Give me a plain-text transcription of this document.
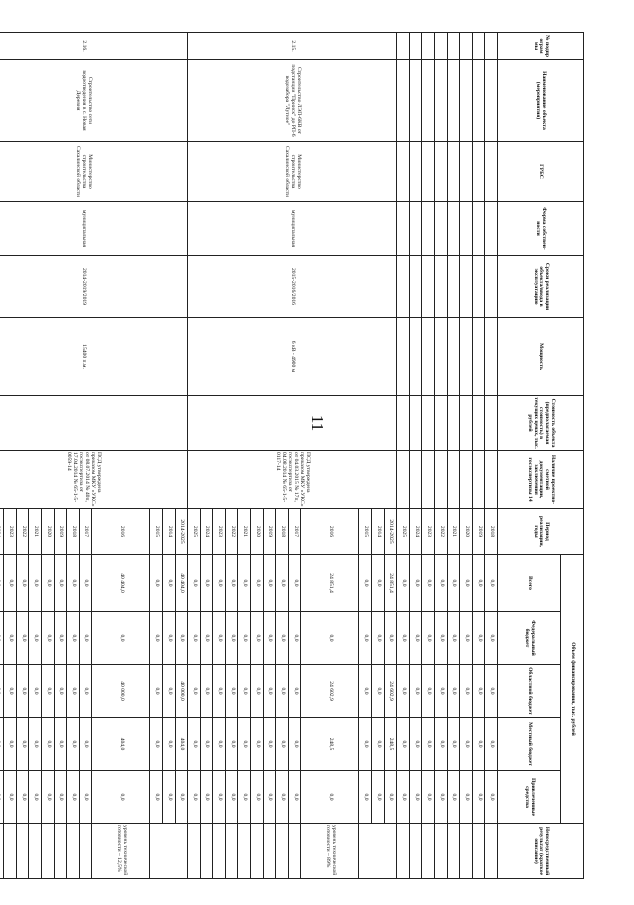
11
№ подпр ограм мы	Наименование объекта (мероприятия)	ГРБС	Форма собствен-ности	Сроки реализации объекта/ввода в эксплуатацию	Мощность	Стоимость объекта (предполагаемая стоимость) в текущих ценах, тыс. рублей	Наличие проектно-сметной документации, заключения госэкспертизы 14	Период реализации, годы	Объем финансирования, тыс. рублей					Непосредственный результат (краткое описание)
									Всего	Федеральный бюджет	Областной бюджет	Местный бюджет	Привлеченные средства	
								2018	0,0	0,0	0,0	0,0	0,0	
								2019	0,0	0,0	0,0	0,0	0,0	
								2020	0,0	0,0	0,0	0,0	0,0	
								2021	0,0	0,0	0,0	0,0	0,0	
								2022	0,0	0,0	0,0	0,0	0,0	
								2023	0,0	0,0	0,0	0,0	0,0	
								2024	0,0	0,0	0,0	0,0	0,0	
								2025	0,0	0,0	0,0	0,0	0,0	
2.15.	Строительство ЛЭП-6КВ от подстанции "Прииск" до РП-6 водозабора "Лутное"	Министерство строительства Сахалинской области	муниципальная	2015-2016/2016	6 кВ - 4900 м		ПСД утверждена приказом МКУ «УКС» от 04.03.2015 № 17п, госэкспертиза от 04.08.2014 № 65-1-5-0117-14	2014-2025	24 851,4	0,0	24 602,9	248,5	0,0	
								2014	0,0	0,0	0,0	0,0	0,0	
								2015	0,0	0,0	0,0	0,0	0,0	
								2016	24 851,4	0,0	24 602,9	248,5	0,0	уровень технической готовности – 89%
								2017	0,0	0,0	0,0	0,0	0,0	
								2018	0,0	0,0	0,0	0,0	0,0	
								2019	0,0	0,0	0,0	0,0	0,0	
								2020	0,0	0,0	0,0	0,0	0,0	
								2021	0,0	0,0	0,0	0,0	0,0	
								2022	0,0	0,0	0,0	0,0	0,0	
								2023	0,0	0,0	0,0	0,0	0,0	
								2024	0,0	0,0	0,0	0,0	0,0	
								2025	0,0	0,0	0,0	0,0	0,0	
2.16.	Строительство сети водоотведения в с. Новая Деревня	Министерство строительства Сахалинской области	муниципальная	2014-2019/2019	15400 п.м.		ПСД утверждена приказом МКУ «УКС» от 08.07.2014 № 40п, госэкспертиза от 17.04.2014 № 65-1-5-0059-14	2014-2025	40 404,0	0,0	40 000,0	404,0	0,0	
								2014	0,0	0,0	0,0	0,0	0,0	
								2015	0,0	0,0	0,0	0,0	0,0	
								2016	40 404,0	0,0	40 000,0	404,0	0,0	уровень технической готовности – 12,5%
								2017	0,0	0,0	0,0	0,0	0,0	
								2018	0,0	0,0	0,0	0,0	0,0	
								2019	0,0	0,0	0,0	0,0	0,0	
								2020	0,0	0,0	0,0	0,0	0,0	
								2021	0,0	0,0	0,0	0,0	0,0	
								2022	0,0	0,0	0,0	0,0	0,0	
								2023	0,0	0,0	0,0	0,0	0,0	
